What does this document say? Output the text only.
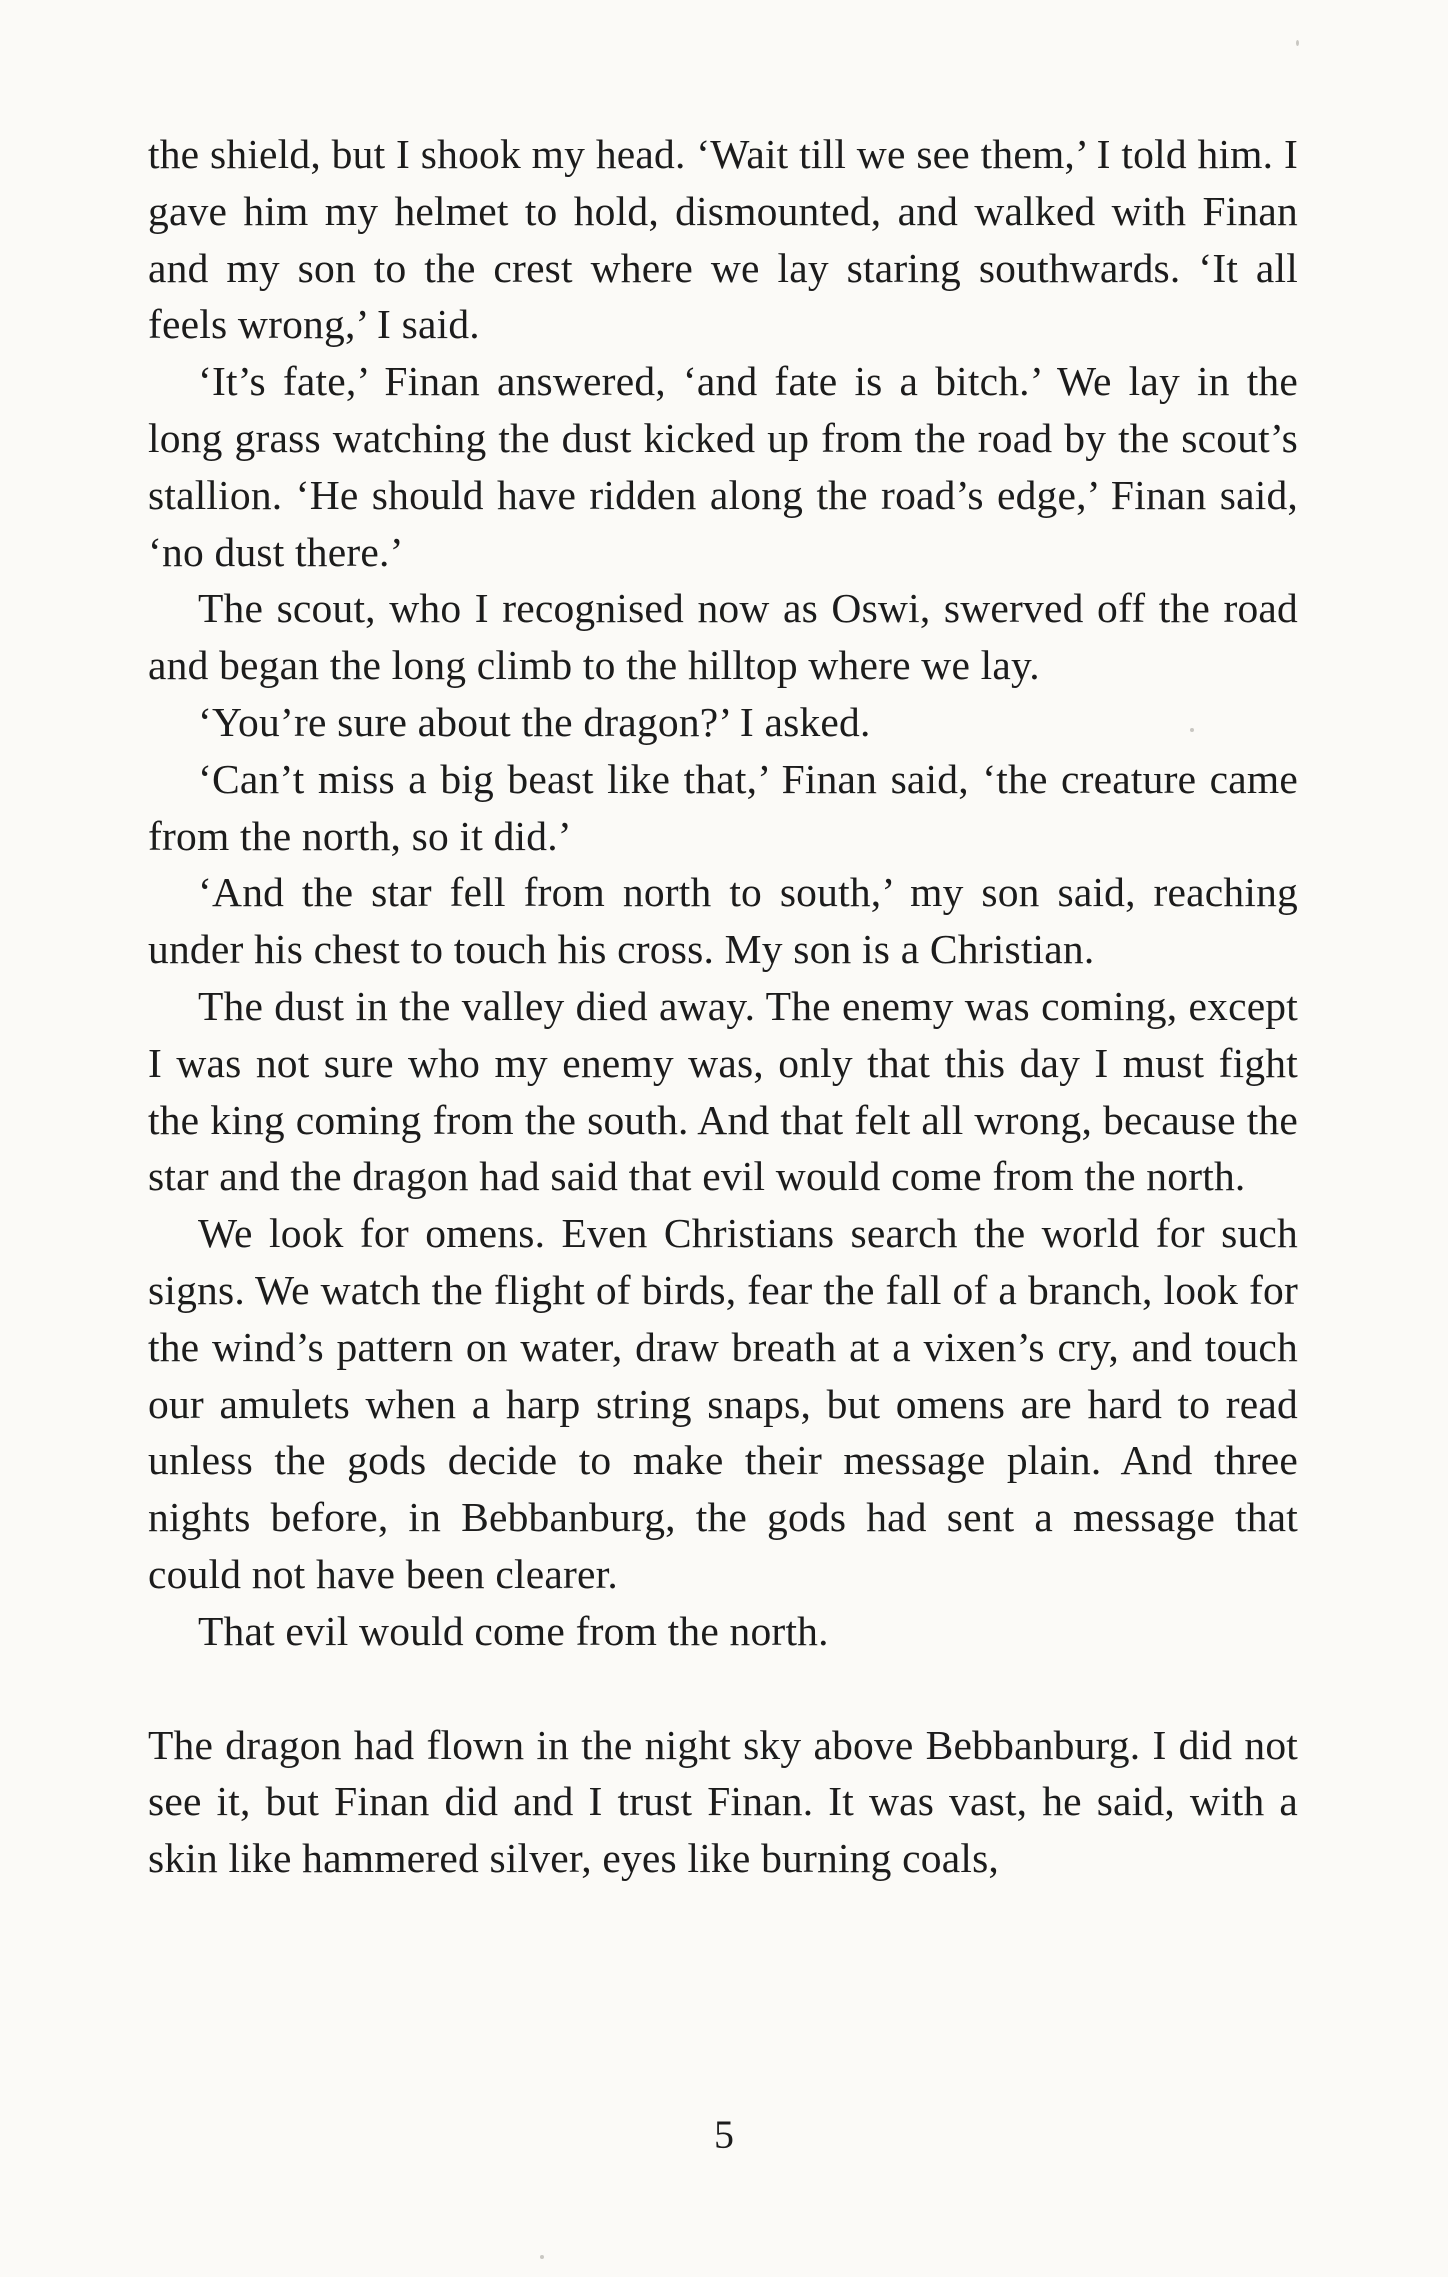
the shield, but I shook my head. ‘Wait till we see them,’ I told him. I gave him my helmet to hold, dismounted, and walked with Finan and my son to the crest where we lay staring southwards. ‘It all feels wrong,’ I said.

‘It’s fate,’ Finan answered, ‘and fate is a bitch.’ We lay in the long grass watching the dust kicked up from the road by the scout’s stallion. ‘He should have ridden along the road’s edge,’ Finan said, ‘no dust there.’

The scout, who I recognised now as Oswi, swerved off the road and began the long climb to the hilltop where we lay.

‘You’re sure about the dragon?’ I asked.

‘Can’t miss a big beast like that,’ Finan said, ‘the creature came from the north, so it did.’

‘And the star fell from north to south,’ my son said, reaching under his chest to touch his cross. My son is a Christian.

The dust in the valley died away. The enemy was coming, except I was not sure who my enemy was, only that this day I must fight the king coming from the south. And that felt all wrong, because the star and the dragon had said that evil would come from the north.

We look for omens. Even Christians search the world for such signs. We watch the flight of birds, fear the fall of a branch, look for the wind’s pattern on water, draw breath at a vixen’s cry, and touch our amulets when a harp string snaps, but omens are hard to read unless the gods decide to make their message plain. And three nights before, in Bebbanburg, the gods had sent a message that could not have been clearer.

That evil would come from the north.

The dragon had flown in the night sky above Bebbanburg. I did not see it, but Finan did and I trust Finan. It was vast, he said, with a skin like hammered silver, eyes like burning coals,

5
